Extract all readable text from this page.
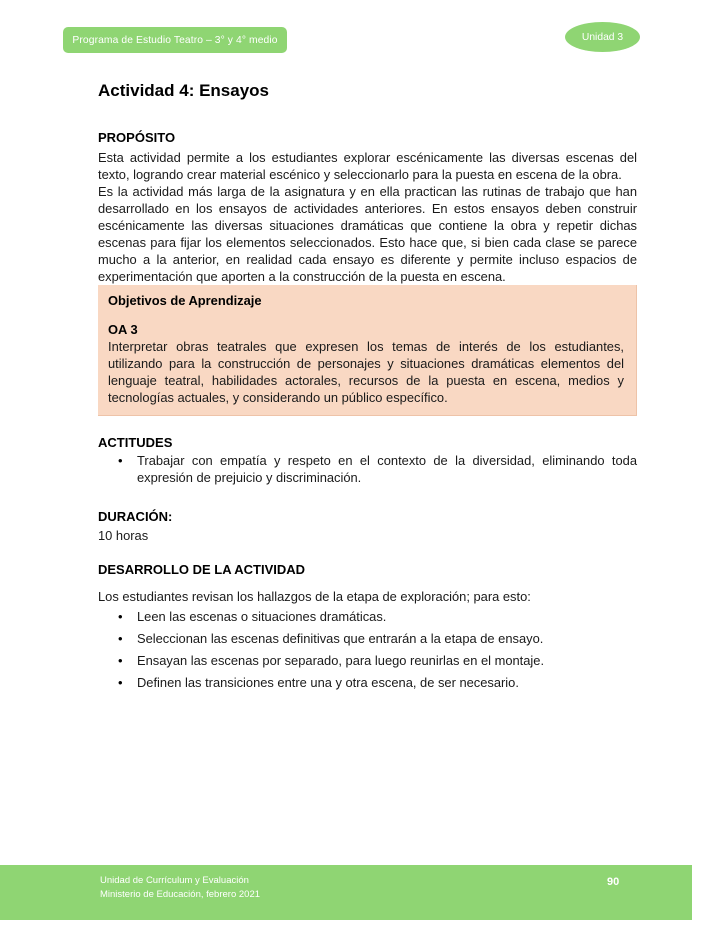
Programa de Estudio Teatro – 3° y 4° medio	Unidad 3
Actividad 4: Ensayos
PROPÓSITO

Esta actividad permite a los estudiantes explorar escénicamente las diversas escenas del texto, logrando crear material escénico y seleccionarlo para la puesta en escena de la obra.

Es la actividad más larga de la asignatura y en ella practican las rutinas de trabajo que han desarrollado en los ensayos de actividades anteriores. En estos ensayos deben construir escénicamente las diversas situaciones dramáticas que contiene la obra y repetir dichas escenas para fijar los elementos seleccionados. Esto hace que, si bien cada clase se parece mucho a la anterior, en realidad cada ensayo es diferente y permite incluso espacios de experimentación que aporten a la construcción de la puesta en escena.

Objetivos de Aprendizaje
OA 3

Interpretar obras teatrales que expresen los temas de interés de los estudiantes, utilizando para la construcción de personajes y situaciones dramáticas elementos del lenguaje teatral, habilidades actorales, recursos de la puesta en escena, medios y tecnologías actuales, y considerando un público específico.

ACTITUDES
• Trabajar con empatía y respeto en el contexto de la diversidad, eliminando toda expresión de prejuicio y discriminación.
DURACIÓN:

10 horas

DESARROLLO DE LA ACTIVIDAD

Los estudiantes revisan los hallazgos de la etapa de exploración; para esto:

• Leen las escenas o situaciones dramáticas.
• Seleccionan las escenas definitivas que entrarán a la etapa de ensayo.
• Ensayan las escenas por separado, para luego reunirlas en el montaje.
• Definen las transiciones entre una y otra escena, de ser necesario.
Unidad de Currículum y Evaluación
Ministerio de Educación, febrero 2021
90
